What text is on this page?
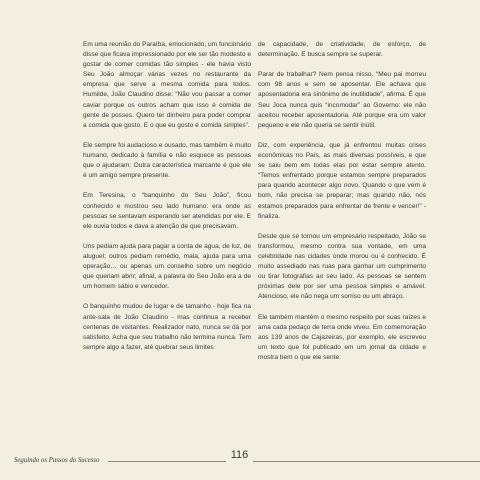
Em uma reunião do Paraíba, emocionado, um funcionário disse que ficava impressionado por ele ser tão modesto e gostar de comer comidas tão simples - ele havia visto Seu João almoçar várias vezes no restaurante da empresa que serve a mesma comida para todos. Humilde, João Claudino disse: “Não vou passar a comer caviar porque os outros acham que isso é comida de gente de posses. Quero ter dinheiro para poder comprar a comida que gosto. E o que eu gosto é comida simples”.

Ele sempre foi audacioso e ousado, mas também é muito humano, dedicado à família e não esquece as pessoas que o ajudaram. Outra característica marcante é que ele é um amigo sempre presente.

Em Teresina, o “banquinho do Seu João”, ficou conhecido e mostrou seu lado humano: era onde as pessoas se sentavam esperando ser atendidas por ele. E ele ouvia todos e dava a atenção de que precisavam.

Uns pediam ajuda para pagar a conta de água, de luz, de aluguel; outros pediam remédio, mala, ajuda para uma operação… ou apenas um conselho sobre um negócio que queriam abrir; afinal, a palavra do Seu João era a de um homem sábio e vencedor.

O banquinho mudou de lugar e de tamanho - hoje fica na ante-sala de João Claudino - mas continua a receber centenas de visitantes. Realizador nato, nunca se dá por satisfeito. Acha que seu trabalho não termina nunca. Tem sempre algo a fazer, até quebrar seus limites

de capacidade, de criatividade, de esforço, de determinação. E busca sempre se superar.

Parar de trabalhar? Nem pensa nisso. “Meu pai morreu com 98 anos e sem se aposentar. Ele achava que aposentadoria era sinônimo de inutilidade”, afirma. É que Seu Joca nunca quis “incomodar” ao Governo: ele não aceitou receber aposentadoria. Até porque era um valor pequeno e ele não queria se sentir inútil.

Diz, com experiência, que já enfrentou muitas crises econômicas no País, as mais diversas possíveis, e que se saiu bem em todas elas por estar sempre atento. “Temos enfrentado porque estamos sempre preparados para quando acontecer algo novo. Quando o que vem é bom, não precisa se preparar; mas quando não, nós estamos preparados para enfrentar de frente e vencer!” - finaliza.

Desde que se tornou um empresário respeitado, João se transformou, mesmo contra sua vontade, em uma celebridade nas cidades onde morou ou é conhecido. É muito assediado nas ruas para ganhar um cumprimento ou tirar fotografias ao seu lado. As pessoas se sentem próximas dele por ser uma pessoa simples e amável. Atencioso, ele não nega um sorriso ou um abraço.

Ele também mantém o mesmo respeito por suas raízes e ama cada pedaço de terra onde viveu. Em comemoração aos 139 anos de Cajazeiras, por exemplo, ele escreveu um texto que foi publicado em um jornal da cidade e mostra bem o que ele sente:

Seguindo os Passos do Sucesso	116
